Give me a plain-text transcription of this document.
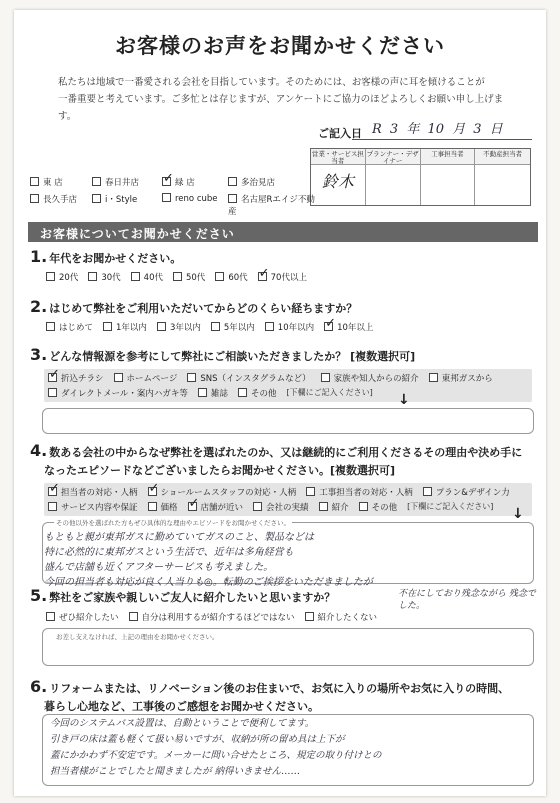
お客様のお声をお聞かせください
私たちは地域で一番愛される会社を目指しています。そのためには、お客様の声に耳を傾けることが
一番重要と考えています。ご多忙とは存じますが、アンケートにご協力のほどよろしくお願い申し上げます。
ご記入日 R 3 年 10 月 3 日
営業・サービス担当者
プランナー・デザイナー
工事担当者	不動産担当者
鈴木
東 店	春日井店 ✓	緑 店	多治見店
長久手店	i・Style	reno cube	名古屋Rエイジ不動産
お客様についてお聞かせください
1. 年代をお聞かせください。
20代	30代	40代	50代	60代 ✓	70代以上
2. はじめて弊社をご利用いただいてからどのくらい経ちますか？
はじめて	1年以内	3年以内	5年以内	10年以内 ✓	10年以上
3. どんな情報源を参考にして弊社にご相談いただきましたか？ [複数選択可]
✓折込チラシ	ホームページ	SNS（インスタグラムなど）	家族や知人からの紹介	東邦ガスから
ダイレクトメール・案内ハガキ等	雑誌	その他 [下欄にご記入ください] ↓
4. 数ある会社の中からなぜ弊社を選ばれたのか、又は継続的にご利用くださるその理由や決め手に
なったエピソードなどございましたらお聞かせください。[複数選択可]
✓担当者の対応・人柄 ✓	ショールームスタッフの対応・人柄	工事担当者の対応・人柄	プラン&デザイン力
サービス内容や保証	価格 ✓	店舗が近い	会社の実績	紹介	その他 [下欄にご記入ください] ↓
その他以外を選ばれた方もぜひ具体的な理由やエピソードをお聞かせください。
もともと親が東邦ガスに勤めていてガスのこと、製品などは
特に必然的に東邦ガスという生活で、近年は多角経営も
盛んで店舗も近くアフターサービスも考えました。
今回の担当者も対応が良く人当りも◎。転勤のご挨拶をいただきましたが
5. 弊社をご家族や親しいご友人に紹介したいと思いますか？
ぜひ紹介したい	自分は利用するが紹介するほどではない	紹介したくない
不在にしており残念ながら 残念でした。
お差し支えなければ、上記の理由をお聞かせください。
6. リフォームまたは、リノベーション後のお住まいで、お気に入りの場所やお気に入りの時間、
暮らし心地など、工事後のご感想をお聞かせください。
今回のシステムバス設置は、自動ということで便利してます。
引き戸の床は蓋も軽くて扱い易いですが、収納が所の留め具は上下が
蓋にかかわず不安定です。メーカーに問い合せたところ、規定の取り付けとの
担当者様がことでしたと聞きましたが 納得いきません……
